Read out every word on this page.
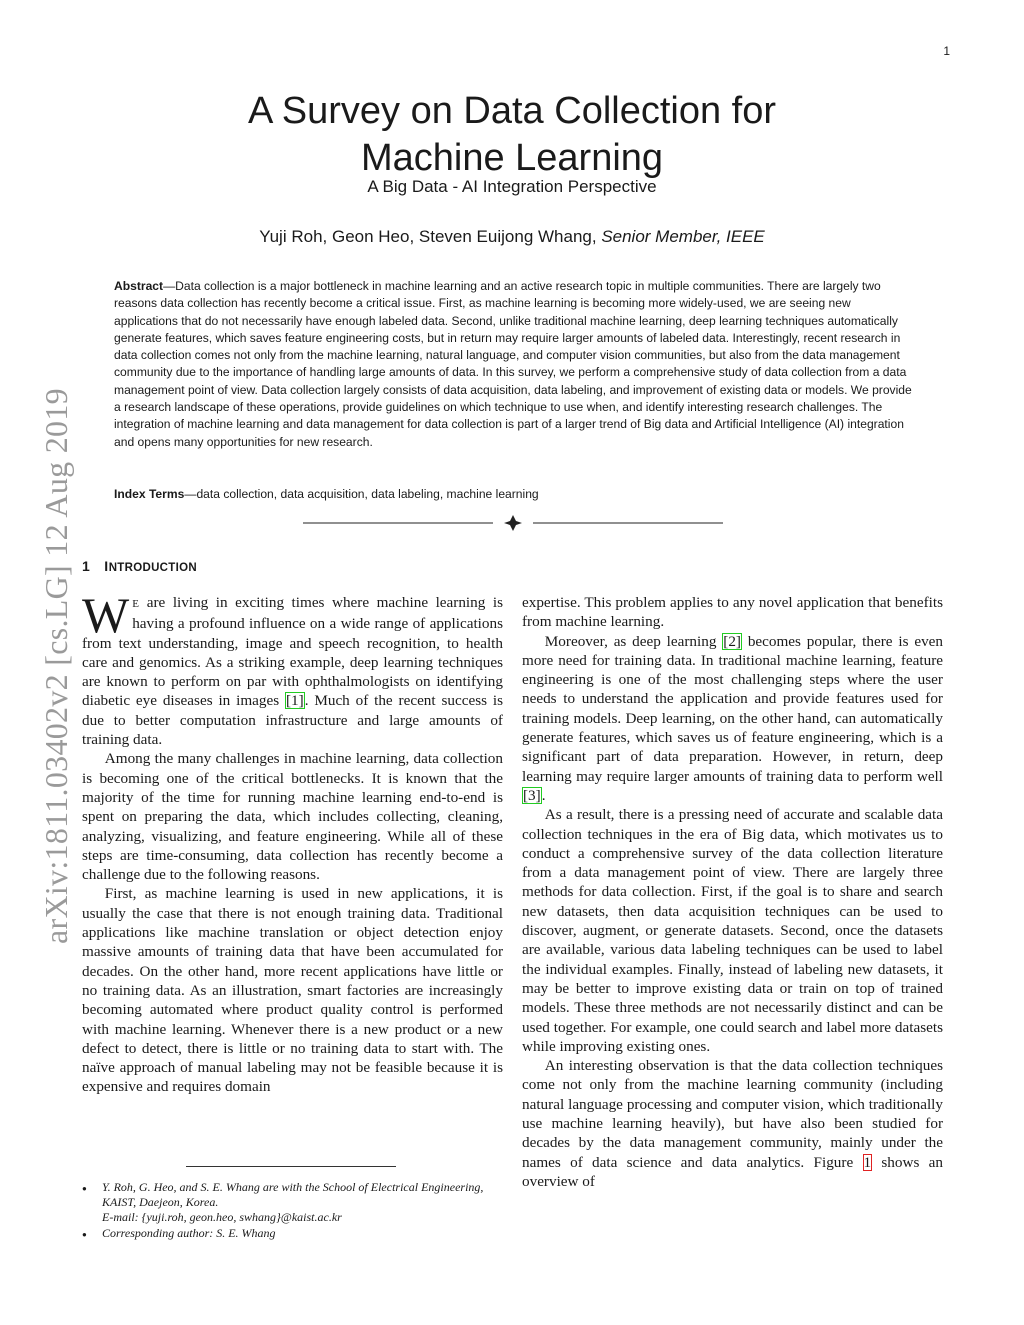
1
arXiv:1811.03402v2 [cs.LG] 12 Aug 2019
A Survey on Data Collection for
Machine Learning
A Big Data - AI Integration Perspective
Yuji Roh, Geon Heo, Steven Euijong Whang, Senior Member, IEEE
Abstract—Data collection is a major bottleneck in machine learning and an active research topic in multiple communities. There are largely two reasons data collection has recently become a critical issue. First, as machine learning is becoming more widely-used, we are seeing new applications that do not necessarily have enough labeled data. Second, unlike traditional machine learning, deep learning techniques automatically generate features, which saves feature engineering costs, but in return may require larger amounts of labeled data. Interestingly, recent research in data collection comes not only from the machine learning, natural language, and computer vision communities, but also from the data management community due to the importance of handling large amounts of data. In this survey, we perform a comprehensive study of data collection from a data management point of view. Data collection largely consists of data acquisition, data labeling, and improvement of existing data or models. We provide a research landscape of these operations, provide guidelines on which technique to use when, and identify interesting research challenges. The integration of machine learning and data management for data collection is part of a larger trend of Big data and Artificial Intelligence (AI) integration and opens many opportunities for new research.
Index Terms—data collection, data acquisition, data labeling, machine learning
1 INTRODUCTION

W E are living in exciting times where machine learning is having a profound influence on a wide range of applications from text understanding, image and speech recognition, to health care and genomics. As a striking example, deep learning techniques are known to perform on par with ophthalmologists on identifying diabetic eye diseases in images [1]. Much of the recent success is due to better computation infrastructure and large amounts of training data.

Among the many challenges in machine learning, data collection is becoming one of the critical bottlenecks. It is known that the majority of the time for running machine learning end-to-end is spent on preparing the data, which includes collecting, cleaning, analyzing, visualizing, and feature engineering. While all of these steps are time-consuming, data collection has recently become a challenge due to the following reasons.

First, as machine learning is used in new applications, it is usually the case that there is not enough training data. Traditional applications like machine translation or object detection enjoy massive amounts of training data that have been accumulated for decades. On the other hand, more recent applications have little or no training data. As an illustration, smart factories are increasingly becoming automated where product quality control is performed with machine learning. Whenever there is a new product or a new defect to detect, there is little or no training data to start with. The naïve approach of manual labeling may not be feasible because it is expensive and requires domain

expertise. This problem applies to any novel application that benefits from machine learning.

Moreover, as deep learning [2] becomes popular, there is even more need for training data. In traditional machine learning, feature engineering is one of the most challenging steps where the user needs to understand the application and provide features used for training models. Deep learning, on the other hand, can automatically generate features, which saves us of feature engineering, which is a significant part of data preparation. However, in return, deep learning may require larger amounts of training data to perform well [3].

As a result, there is a pressing need of accurate and scalable data collection techniques in the era of Big data, which motivates us to conduct a comprehensive survey of the data collection literature from a data management point of view. There are largely three methods for data collection. First, if the goal is to share and search new datasets, then data acquisition techniques can be used to discover, augment, or generate datasets. Second, once the datasets are available, various data labeling techniques can be used to label the individual examples. Finally, instead of labeling new datasets, it may be better to improve existing data or train on top of trained models. These three methods are not necessarily distinct and can be used together. For example, one could search and label more datasets while improving existing ones.

An interesting observation is that the data collection techniques come not only from the machine learning community (including natural language processing and computer vision, which traditionally use machine learning heavily), but have also been studied for decades by the data management community, mainly under the names of data science and data analytics. Figure 1 shows an overview of

● Y. Roh, G. Heo, and S. E. Whang are with the School of Electrical Engineering, KAIST, Daejeon, Korea.
E-mail: {yuji.roh, geon.heo, swhang}@kaist.ac.kr
● Corresponding author: S. E. Whang
